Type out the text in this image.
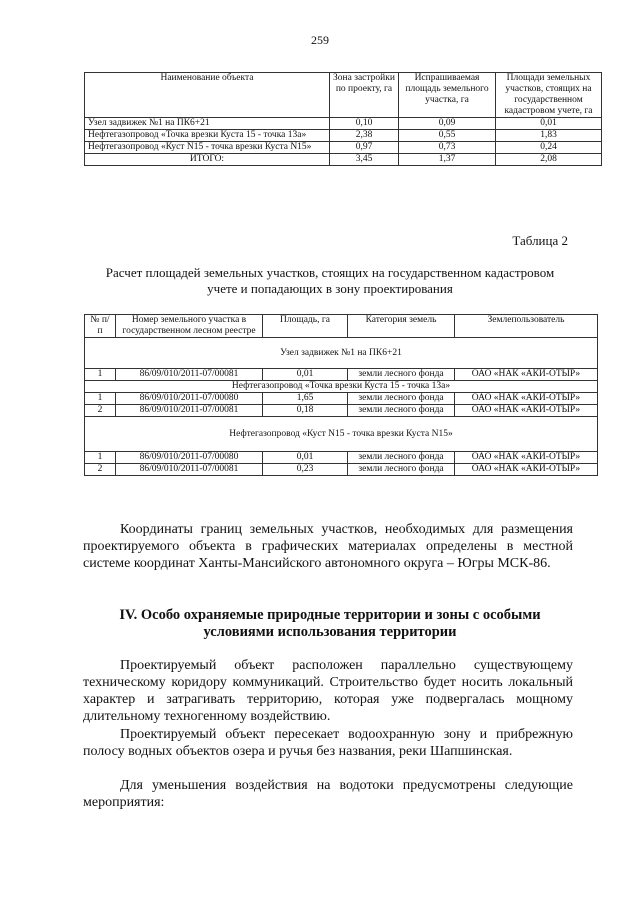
259
Наименование объекта	Зона застройки по проекту, га	Испрашиваемая площадь земельного участка, га	Площади земельных участков, стоящих на государственном кадастровом учете, га
Узел задвижек №1 на ПК6+21	0,10	0,09	0,01
Нефтегазопровод «Точка врезки Куста 15 - точка 13а»	2,38	0,55	1,83
Нефтегазопровод «Куст N15 - точка врезки Куста N15»	0,97	0,73	0,24
ИТОГО:	3,45	1,37	2,08
Таблица 2
Расчет площадей земельных участков, стоящих на государственном кадастровом учете и попадающих в зону проектирования
№ п/п	Номер земельного участка в государственном лесном реестре	Площадь, га	Категория земель	Землепользователь
Узел задвижек №1 на ПК6+21				
1	86/09/010/2011-07/00081	0,01	земли лесного фонда	ОАО «НАК «АКИ-ОТЫР»
Нефтегазопровод «Точка врезки Куста 15 - точка 13а»				
1	86/09/010/2011-07/00080	1,65	земли лесного фонда	ОАО «НАК «АКИ-ОТЫР»
2	86/09/010/2011-07/00081	0,18	земли лесного фонда	ОАО «НАК «АКИ-ОТЫР»
Нефтегазопровод «Куст N15 - точка врезки Куста N15»				
1	86/09/010/2011-07/00080	0,01	земли лесного фонда	ОАО «НАК «АКИ-ОТЫР»
2	86/09/010/2011-07/00081	0,23	земли лесного фонда	ОАО «НАК «АКИ-ОТЫР»
Координаты границ земельных участков, необходимых для размещения проектируемого объекта в графических материалах определены в местной системе координат Ханты-Мансийского автономного округа – Югры МСК-86.
IV. Особо охраняемые природные территории и зоны с особыми условиями использования территории
Проектируемый объект расположен параллельно существующему техническому коридору коммуникаций. Строительство будет носить локальный характер и затрагивать территорию, которая уже подвергалась мощному длительному техногенному воздействию.
Проектируемый объект пересекает водоохранную зону и прибрежную полосу водных объектов озера и ручья без названия, реки Шапшинская.
Для уменьшения воздействия на водотоки предусмотрены следующие мероприятия:
